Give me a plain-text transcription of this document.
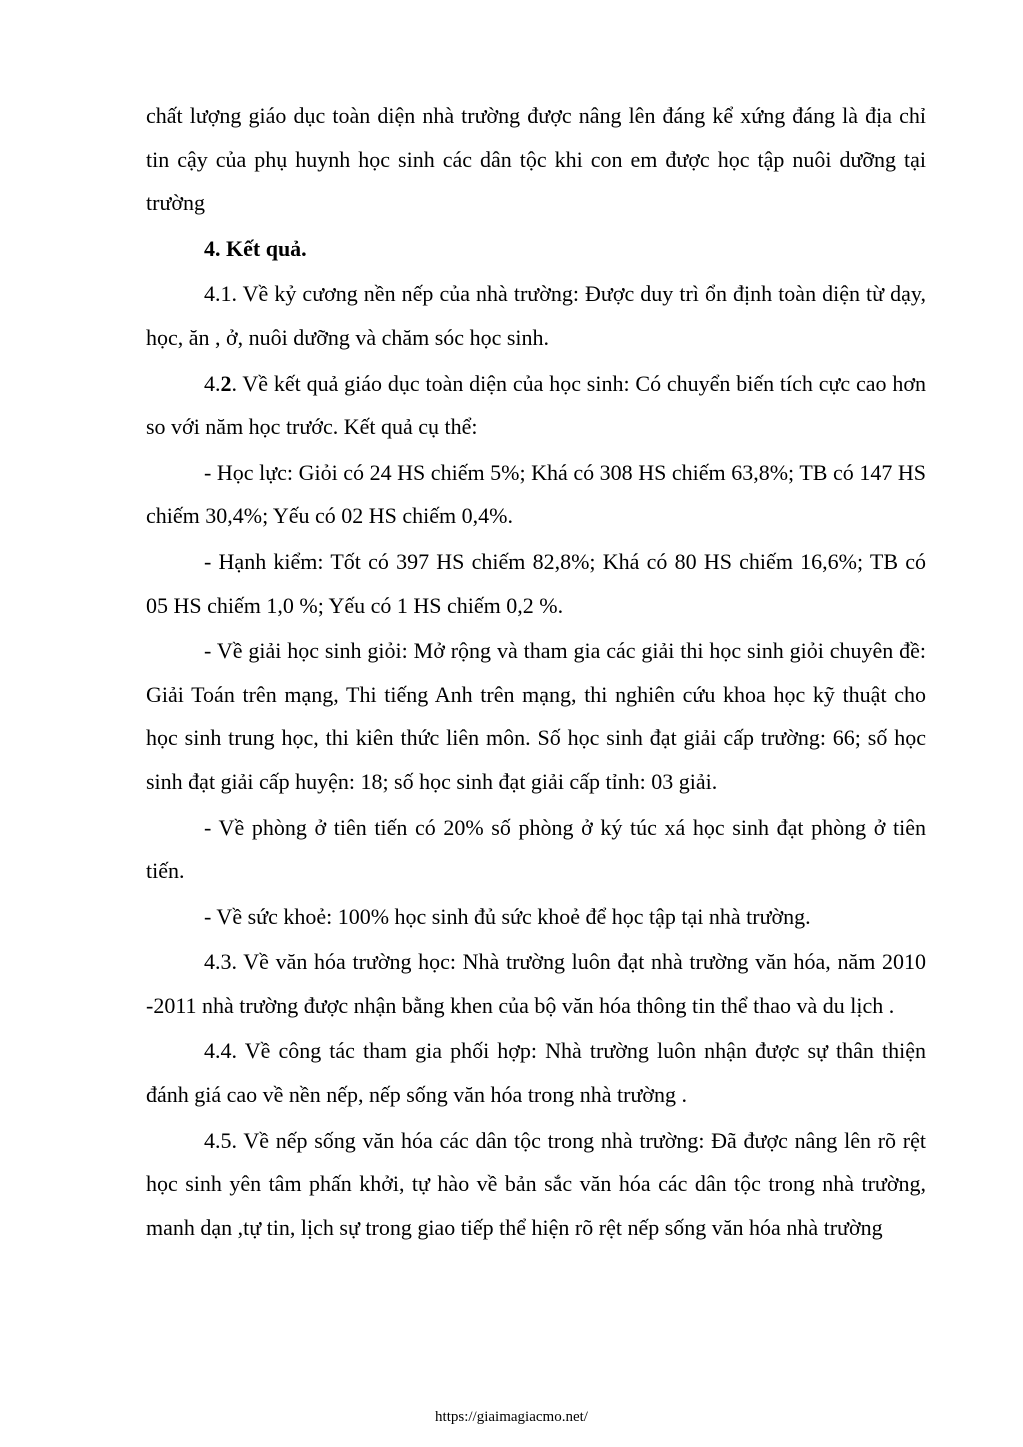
chất lượng giáo dục toàn diện nhà trường được nâng lên đáng kể xứng đáng là địa chỉ tin cậy của phụ huynh học sinh các dân tộc khi con em được học tập nuôi dưỡng tại trường

4. Kết quả.

4.1. Về kỷ cương nền nếp của nhà trường: Được duy trì ổn định toàn diện từ dạy, học, ăn , ở, nuôi dưỡng và chăm sóc học sinh.

4.2. Về kết quả giáo dục toàn diện của học sinh: Có chuyển biến tích cực cao hơn so với năm học trước. Kết quả cụ thể:

- Học lực: Giỏi có 24 HS chiếm 5%; Khá có 308 HS chiếm 63,8%; TB có 147 HS chiếm 30,4%; Yếu có 02 HS chiếm 0,4%.

- Hạnh kiểm: Tốt có 397 HS chiếm 82,8%; Khá có 80 HS chiếm 16,6%; TB có 05 HS chiếm 1,0 %; Yếu có 1 HS chiếm 0,2 %.

- Về giải học sinh giỏi: Mở rộng và tham gia các giải thi học sinh giỏi chuyên đề: Giải Toán trên mạng, Thi tiếng Anh trên mạng, thi nghiên cứu khoa học kỹ thuật cho học sinh trung học, thi kiên thức liên môn. Số học sinh đạt giải cấp trường: 66; số học sinh đạt giải cấp huyện: 18; số học sinh đạt giải cấp tỉnh: 03 giải.

- Về phòng ở tiên tiến có 20% số phòng ở ký túc xá học sinh đạt phòng ở tiên tiến.

- Về sức khoẻ: 100% học sinh đủ sức khoẻ để học tập tại nhà trường.

4.3. Về văn hóa trường học: Nhà trường luôn đạt nhà trường văn hóa, năm 2010 -2011 nhà trường được nhận bằng khen của bộ văn hóa thông tin thể thao và du lịch .

4.4. Về công tác tham gia phối hợp: Nhà trường luôn nhận được sự thân thiện đánh giá cao về nền nếp, nếp sống văn hóa trong nhà trường .

4.5. Về nếp sống văn hóa các dân tộc trong nhà trường: Đã được nâng lên rõ rệt học sinh yên tâm phấn khởi, tự hào về bản sắc văn hóa các dân tộc trong nhà trường, manh dạn ,tự tin, lịch sự trong giao tiếp thể hiện rõ rệt nếp sống văn hóa nhà trường

https://giaimagiacmo.net/
